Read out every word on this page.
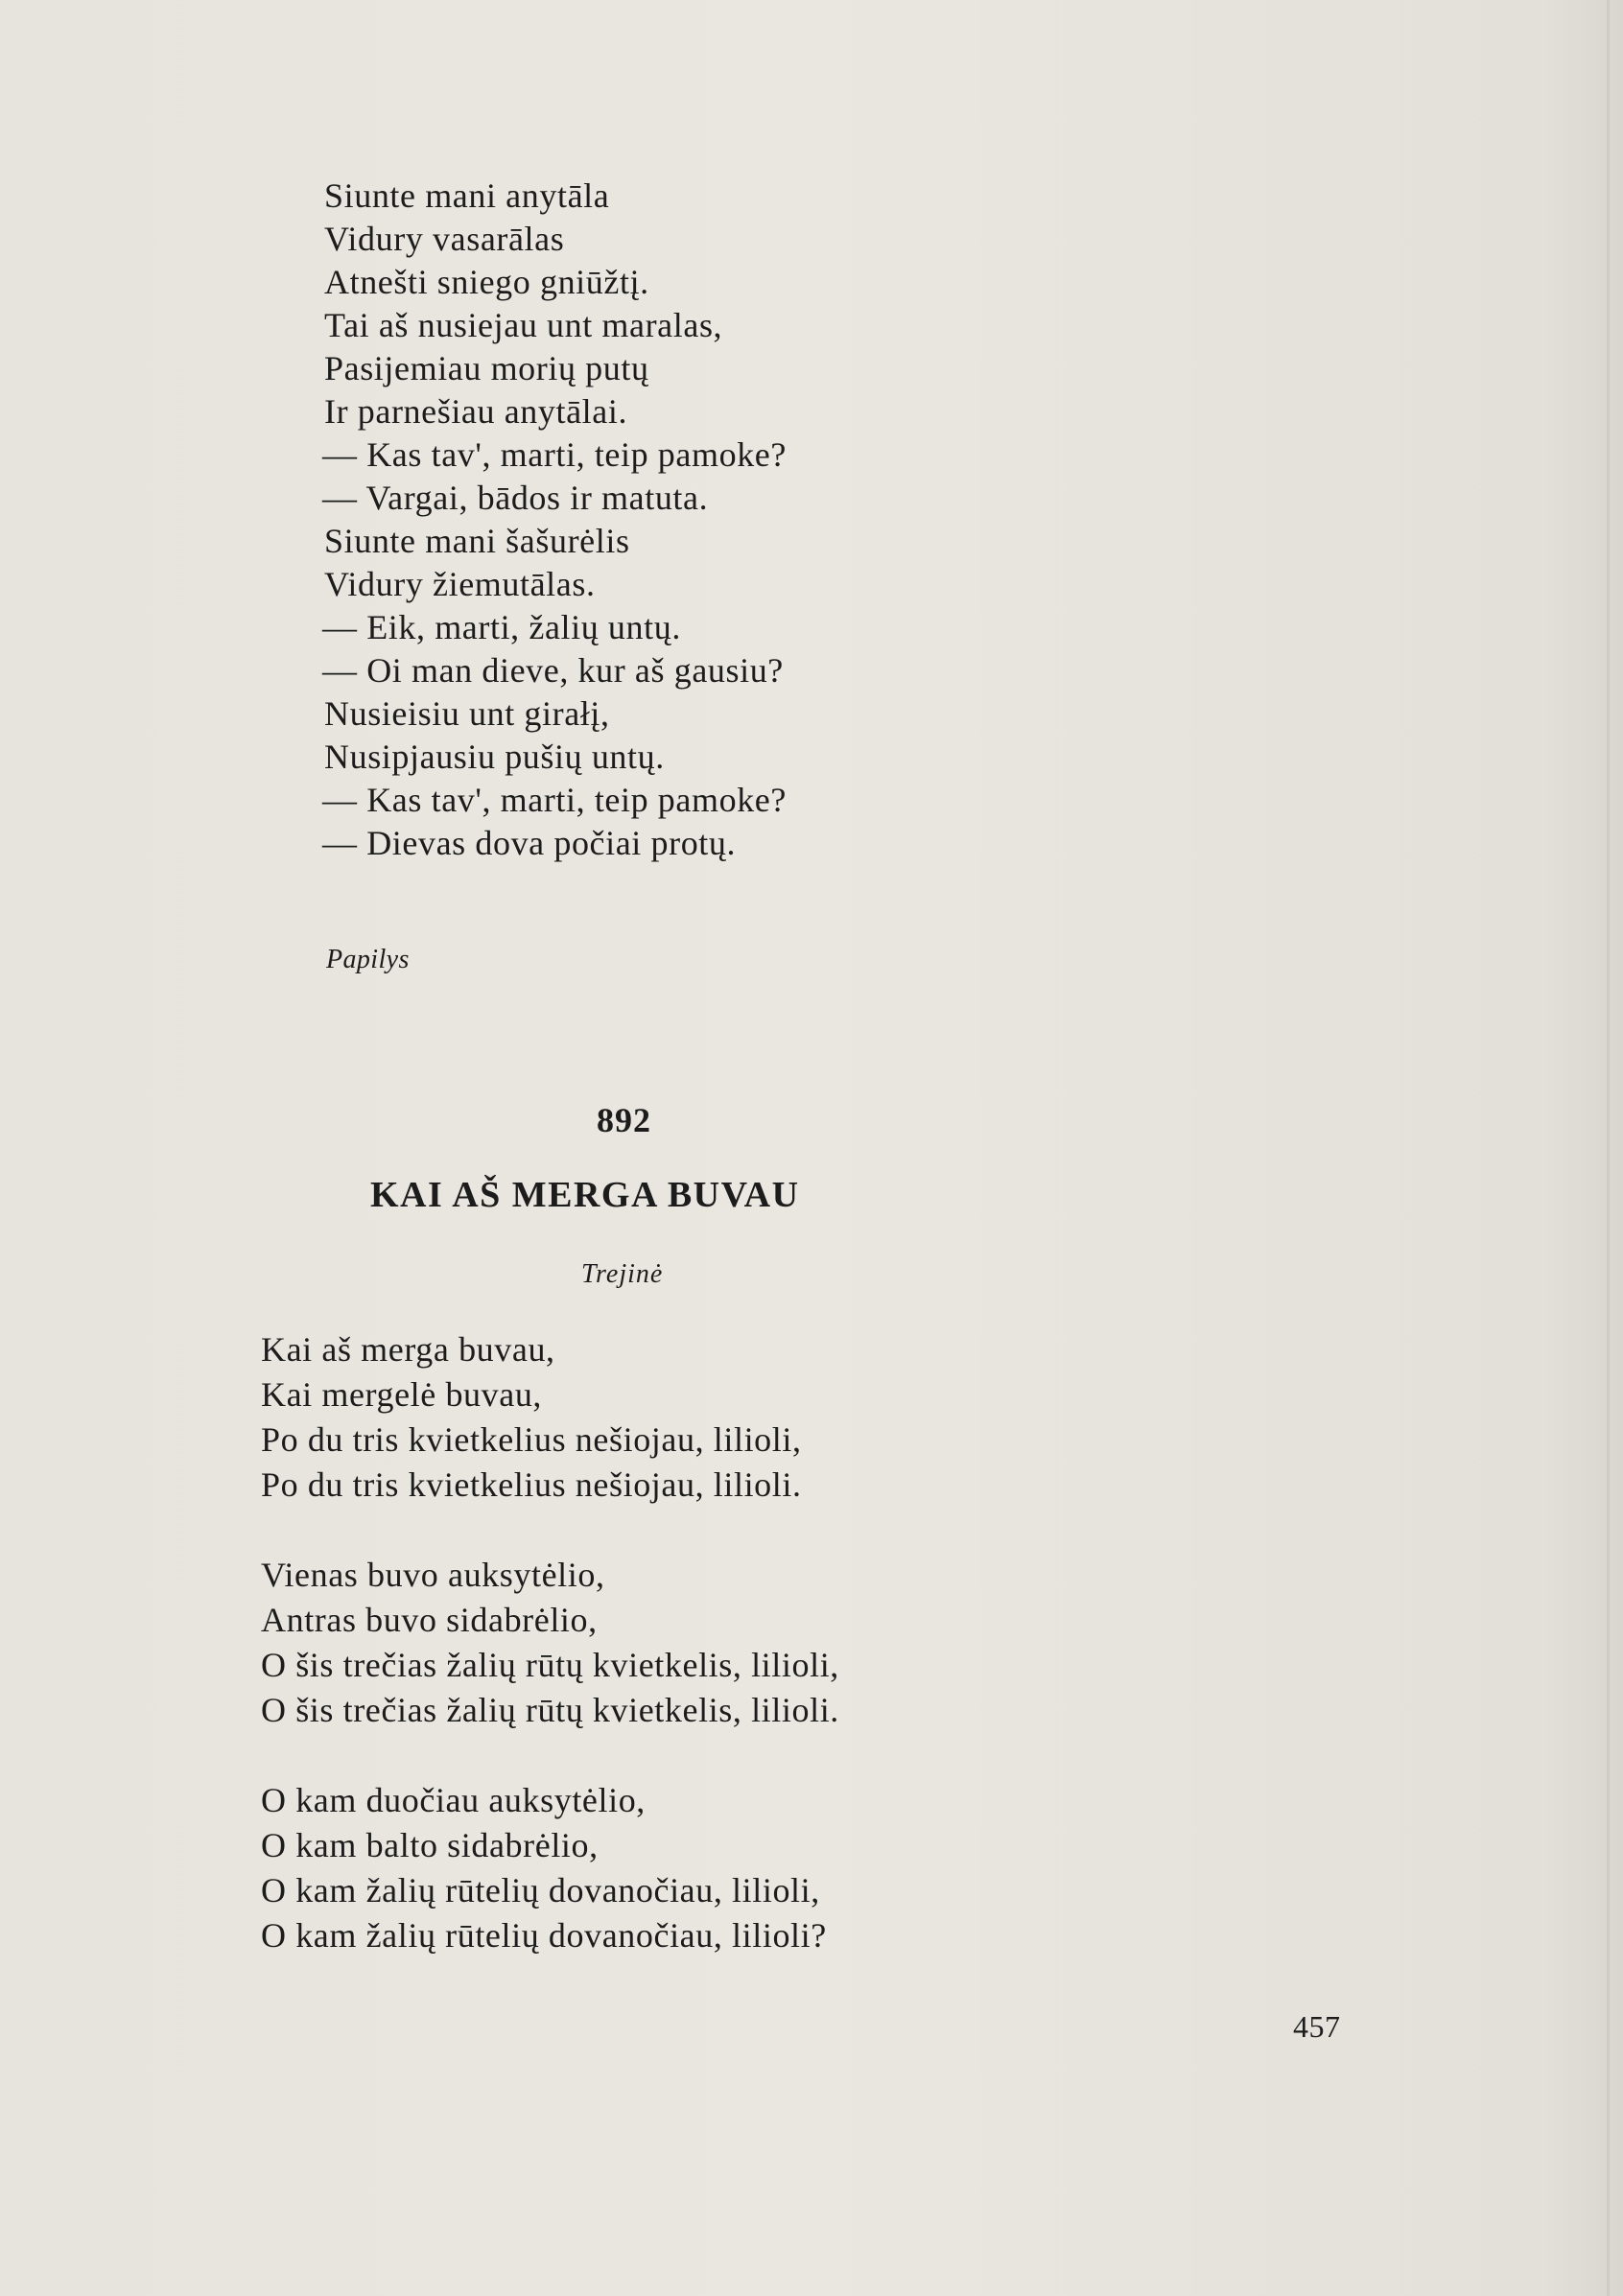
Siunte mani anytāla
Vidury vasarālas
Atnešti sniego gniūžtį.
Tai aš nusiejau unt maralas,
Pasijemiau morių putų
Ir parnešiau anytālai.
— Kas tav', marti, teip pamoke?
— Vargai, bādos ir matuta.
Siunte mani šašurėlis
Vidury žiemutālas.
— Eik, marti, žalių untų.
— Oi man dieve, kur aš gausiu?
Nusieisiu unt girałį,
Nusipjausiu pušių untų.
— Kas tav', marti, teip pamoke?
— Dievas dova počiai protų.
Papilys
892
KAI AŠ MERGA BUVAU
Trejinė
Kai aš merga buvau,
Kai mergelė buvau,
Po du tris kvietkelius nešiojau, lilioli,
Po du tris kvietkelius nešiojau, lilioli.
Vienas buvo auksytėlio,
Antras buvo sidabrėlio,
O šis trečias žalių rūtų kvietkelis, lilioli,
O šis trečias žalių rūtų kvietkelis, lilioli.
O kam duočiau auksytėlio,
O kam balto sidabrėlio,
O kam žalių rūtelių dovanočiau, lilioli,
O kam žalių rūtelių dovanočiau, lilioli?
457
